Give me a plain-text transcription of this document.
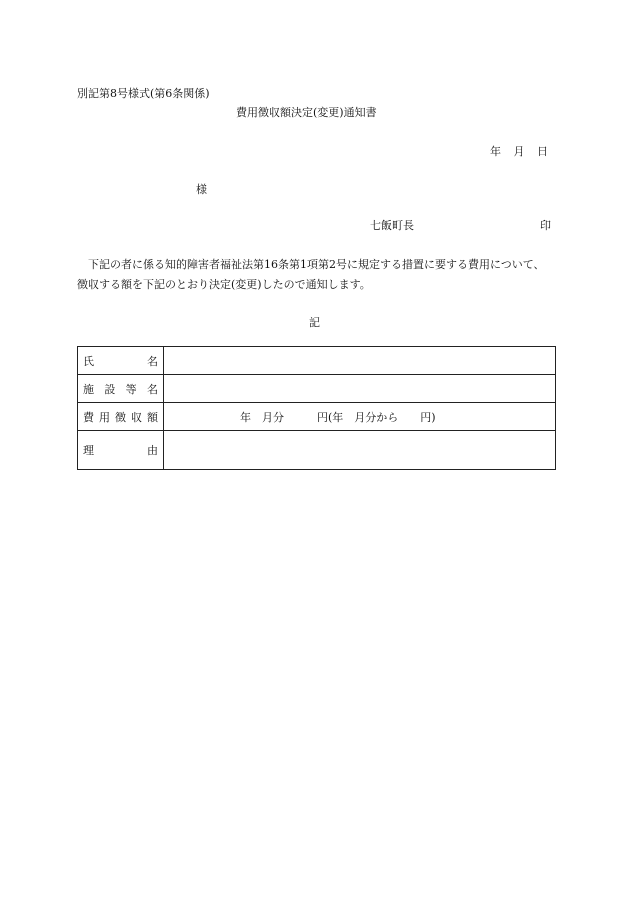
別記第8号様式(第6条関係)
費用徴収額決定(変更)通知書
年 月 日
様
七飯町長	印
下記の者に係る知的障害者福祉法第16条第1項第2号に規定する措置に要する費用について、徴収する額を下記のとおり決定(変更)したので通知します。
記
氏　名	
施設等名	
費用徴収額	年　月分　　　円(年　月分から　　円)
理　由	
